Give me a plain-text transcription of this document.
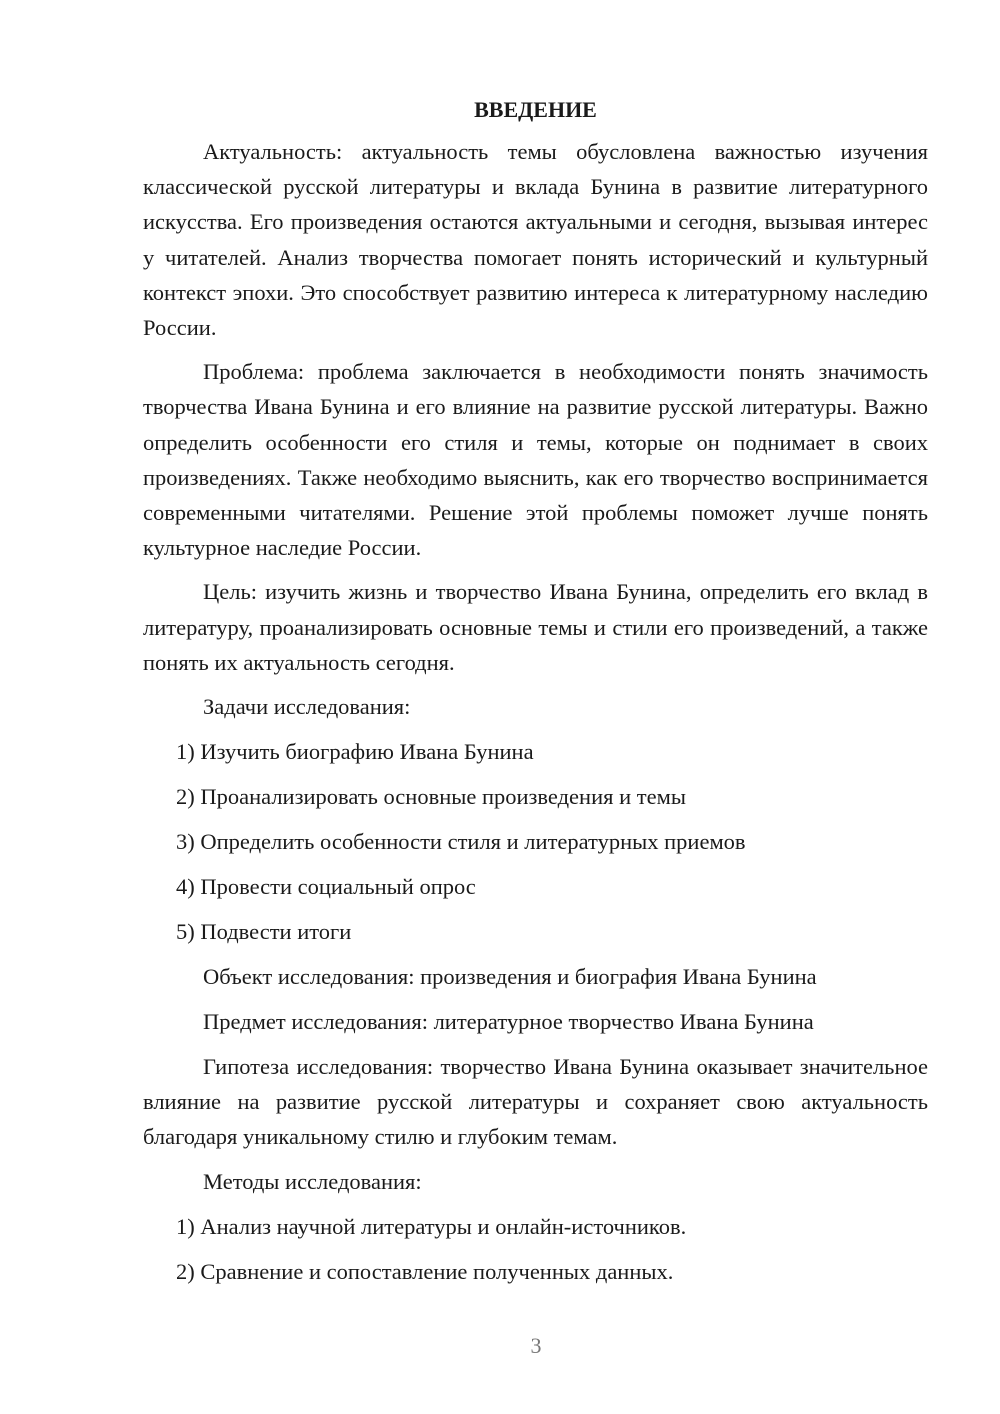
ВВЕДЕНИЕ

Актуальность: актуальность темы обусловлена важностью изучения классической русской литературы и вклада Бунина в развитие литературного искусства. Его произведения остаются актуальными и сегодня, вызывая интерес у читателей. Анализ творчества помогает понять исторический и культурный контекст эпохи. Это способствует развитию интереса к литературному наследию России.

Проблема: проблема заключается в необходимости понять значимость творчества Ивана Бунина и его влияние на развитие русской литературы. Важно определить особенности его стиля и темы, которые он поднимает в своих произведениях. Также необходимо выяснить, как его творчество воспринимается современными читателями. Решение этой проблемы поможет лучше понять культурное наследие России.

Цель: изучить жизнь и творчество Ивана Бунина, определить его вклад в литературу, проанализировать основные темы и стили его произведений, а также понять их актуальность сегодня.

Задачи исследования:
1) Изучить биографию Ивана Бунина
2) Проанализировать основные произведения и темы
3) Определить особенности стиля и литературных приемов
4) Провести социальный опрос
5) Подвести итоги
Объект исследования: произведения и биография Ивана Бунина
Предмет исследования: литературное творчество Ивана Бунина

Гипотеза исследования: творчество Ивана Бунина оказывает значительное влияние на развитие русской литературы и сохраняет свою актуальность благодаря уникальному стилю и глубоким темам.

Методы исследования:
1) Анализ научной литературы и онлайн-источников.
2) Сравнение и сопоставление полученных данных.
3
